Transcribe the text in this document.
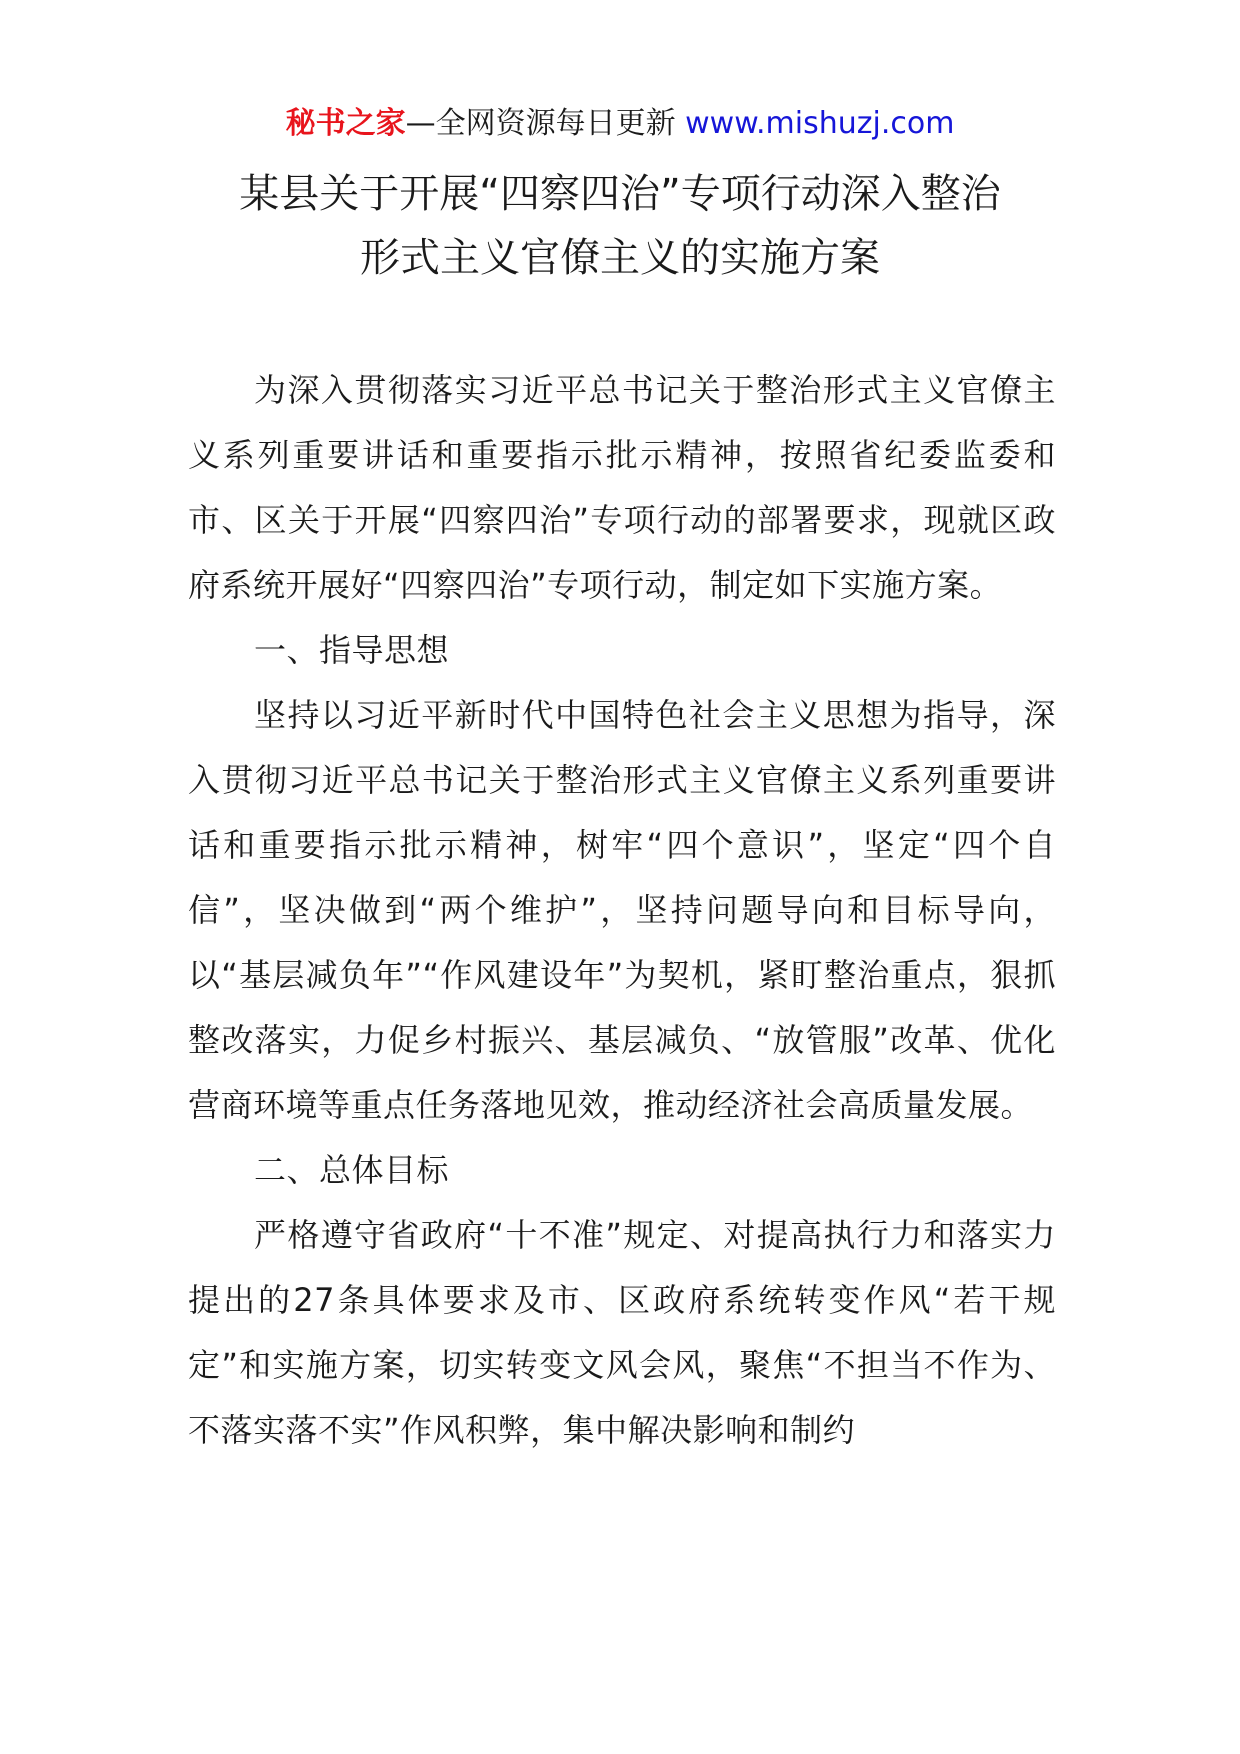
秘书之家—全网资源每日更新 www.mishuzj.com
某县关于开展“四察四治”专项行动深入整治
形式主义官僚主义的实施方案

为深入贯彻落实习近平总书记关于整治形式主义官僚主义系列重要讲话和重要指示批示精神，按照省纪委监委和市、区关于开展“四察四治”专项行动的部署要求，现就区政府系统开展好“四察四治”专项行动，制定如下实施方案。

一、指导思想

坚持以习近平新时代中国特色社会主义思想为指导，深入贯彻习近平总书记关于整治形式主义官僚主义系列重要讲话和重要指示批示精神，树牢“四个意识”，坚定“四个自信”，坚决做到“两个维护”，坚持问题导向和目标导向，以“基层减负年”“作风建设年”为契机，紧盯整治重点，狠抓整改落实，力促乡村振兴、基层减负、“放管服”改革、优化营商环境等重点任务落地见效，推动经济社会高质量发展。

二、总体目标

严格遵守省政府“十不准”规定、对提高执行力和落实力提出的27条具体要求及市、区政府系统转变作风“若干规定”和实施方案，切实转变文风会风，聚焦“不担当不作为、不落实落不实”作风积弊，集中解决影响和制约
